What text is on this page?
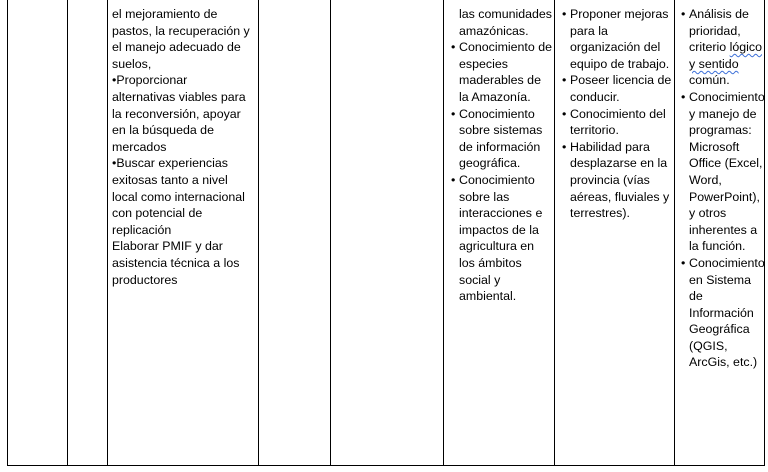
el mejoramiento de
pastos, la recuperación y
el manejo adecuado de
suelos,
•Proporcionar
alternativas viables para
la reconversión, apoyar
en la búsqueda de
mercados
•Buscar experiencias
exitosas tanto a nivel
local como internacional
con potencial de
replicación
Elaborar PMIF y dar
asistencia técnica a los
productores
las comunidades amazónicas.
• Conocimiento de especies maderables de la Amazonía.
• Conocimiento sobre sistemas de información geográfica.
• Conocimiento sobre las interacciones e impactos de la agricultura en los ámbitos social y ambiental.
• Proponer mejoras para la organización del equipo de trabajo.
• Poseer licencia de conducir.
• Conocimiento del territorio.
• Habilidad para desplazarse en la provincia (vías aéreas, fluviales y terrestres).
• Análisis de prioridad, criterio lógico y sentido común.
• Conocimiento y manejo de programas: Microsoft Office (Excel, Word, PowerPoint), y otros inherentes a la función.
• Conocimiento en Sistema de Información Geográfica (QGIS, ArcGis, etc.)
